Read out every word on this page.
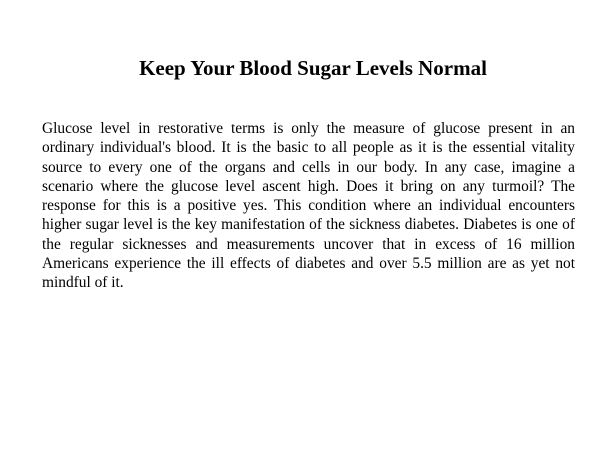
Keep Your Blood Sugar Levels Normal

Glucose level in restorative terms is only the measure of glucose present in an ordinary individual's blood. It is the basic to all people as it is the essential vitality source to every one of the organs and cells in our body. In any case, imagine a scenario where the glucose level ascent high. Does it bring on any turmoil? The response for this is a positive yes. This condition where an individual encounters higher sugar level is the key manifestation of the sickness diabetes. Diabetes is one of the regular sicknesses and measurements uncover that in excess of 16 million Americans experience the ill effects of diabetes and over 5.5 million are as yet not mindful of it.
